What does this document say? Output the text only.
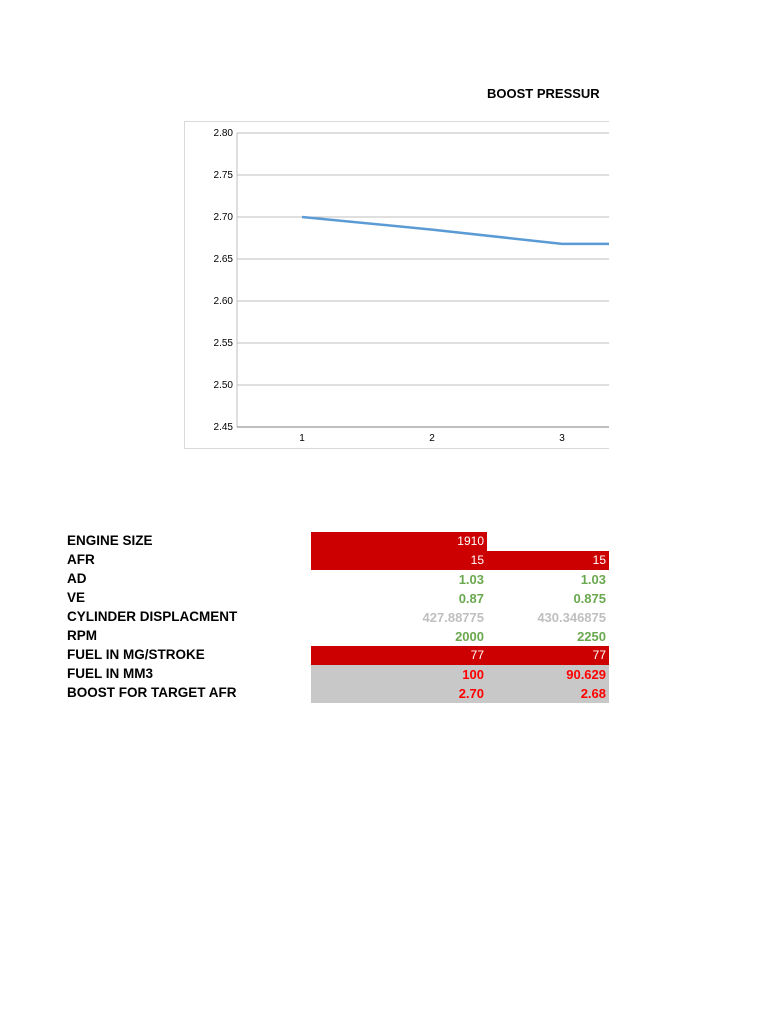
BOOST PRESSUR
2.80
2.75
2.70
2.65
2.60
2.55
2.50
2.45
1	2	3
ENGINE SIZE	1910
AFR	15	15
AD	1.03	1.03
VE	0.87	0.875
CYLINDER DISPLACMENT	427.88775	430.346875
RPM	2000	2250
FUEL IN MG/STROKE	77	77
FUEL IN MM3	100	90.629
BOOST FOR TARGET AFR	2.70	2.68
